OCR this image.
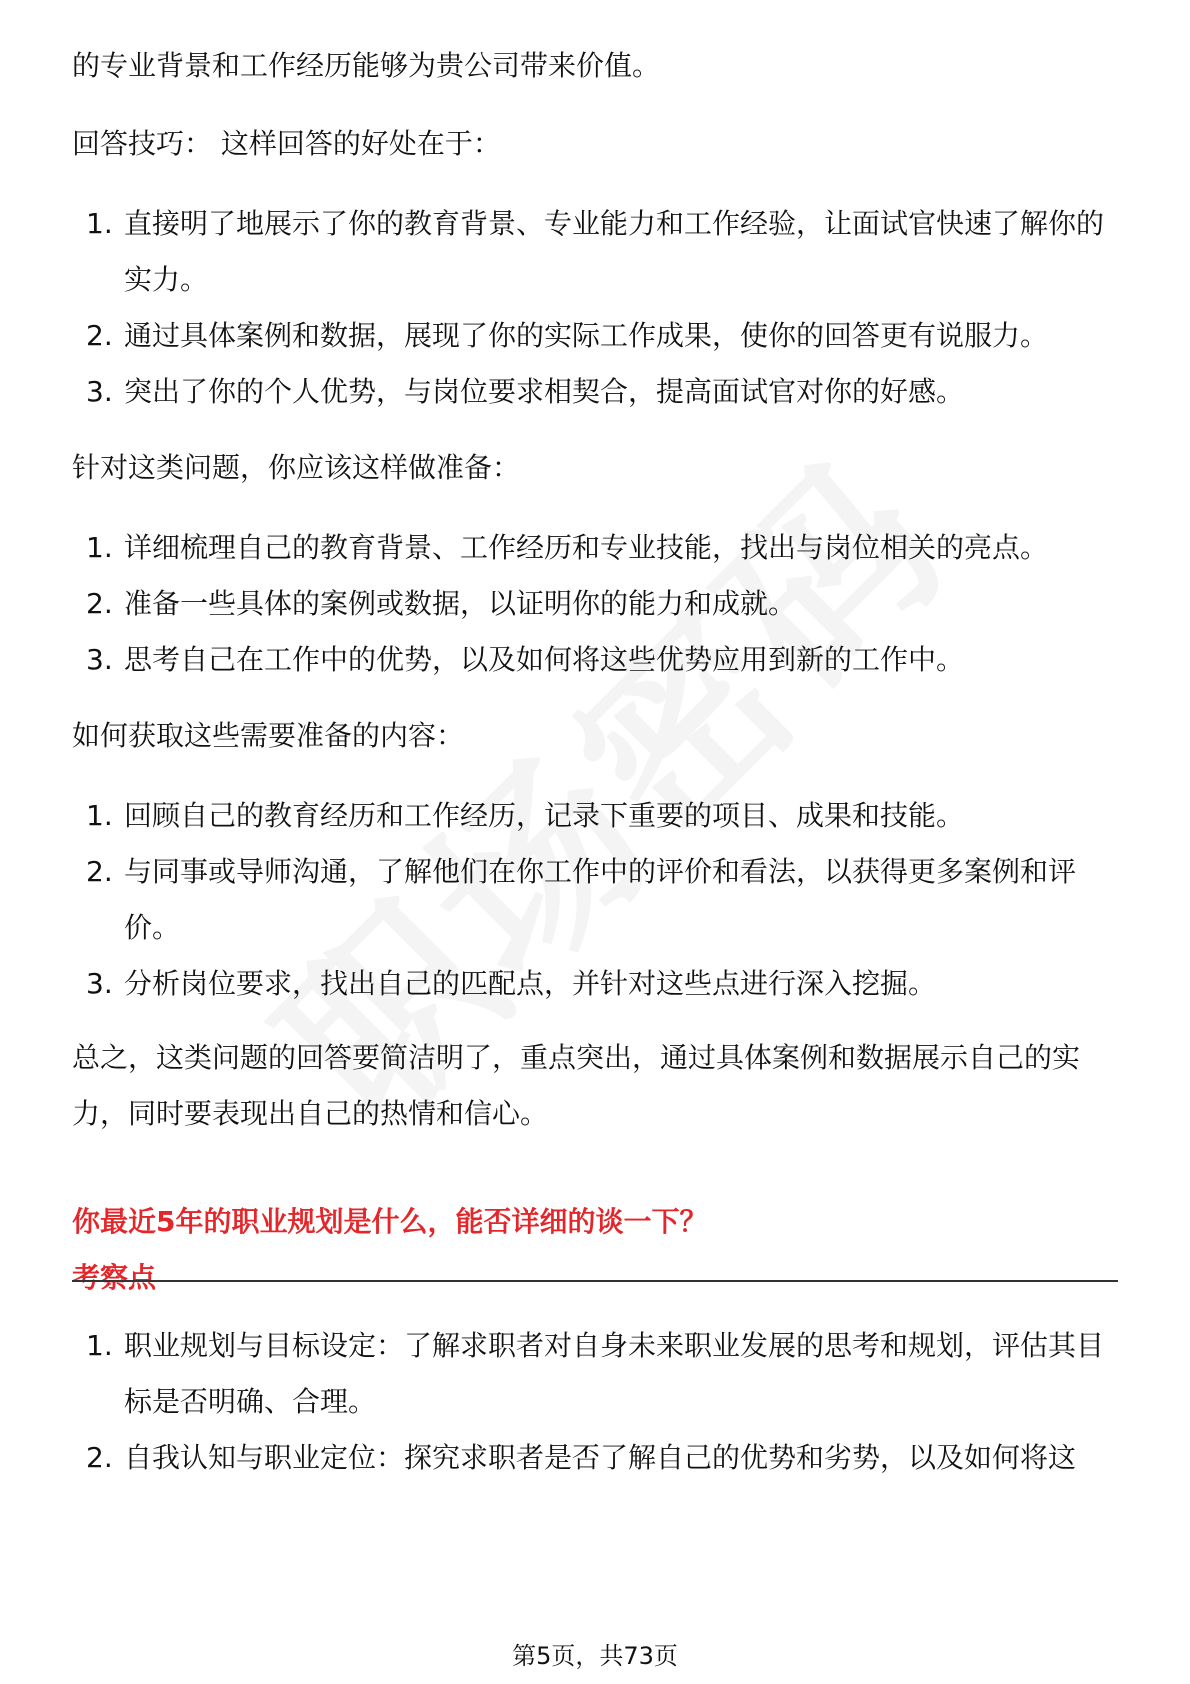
的专业背景和工作经历能够为贵公司带来价值。

回答技巧： 这样回答的好处在于：

1. 直接明了地展示了你的教育背景、专业能力和工作经验，让面试官快速了解你的实力。
2. 通过具体案例和数据，展现了你的实际工作成果，使你的回答更有说服力。
3. 突出了你的个人优势，与岗位要求相契合，提高面试官对你的好感。

针对这类问题，你应该这样做准备：

1. 详细梳理自己的教育背景、工作经历和专业技能，找出与岗位相关的亮点。
2. 准备一些具体的案例或数据，以证明你的能力和成就。
3. 思考自己在工作中的优势，以及如何将这些优势应用到新的工作中。

如何获取这些需要准备的内容：

1. 回顾自己的教育经历和工作经历，记录下重要的项目、成果和技能。
2. 与同事或导师沟通，了解他们在你工作中的评价和看法，以获得更多案例和评价。
3. 分析岗位要求，找出自己的匹配点，并针对这些点进行深入挖掘。

总之，这类问题的回答要简洁明了，重点突出，通过具体案例和数据展示自己的实力，同时要表现出自己的热情和信心。

你最近5年的职业规划是什么，能否详细的谈一下？

考察点

1. 职业规划与目标设定：了解求职者对自身未来职业发展的思考和规划，评估其目标是否明确、合理。
2. 自我认知与职业定位：探究求职者是否了解自己的优势和劣势，以及如何将这
第5页，共73页
